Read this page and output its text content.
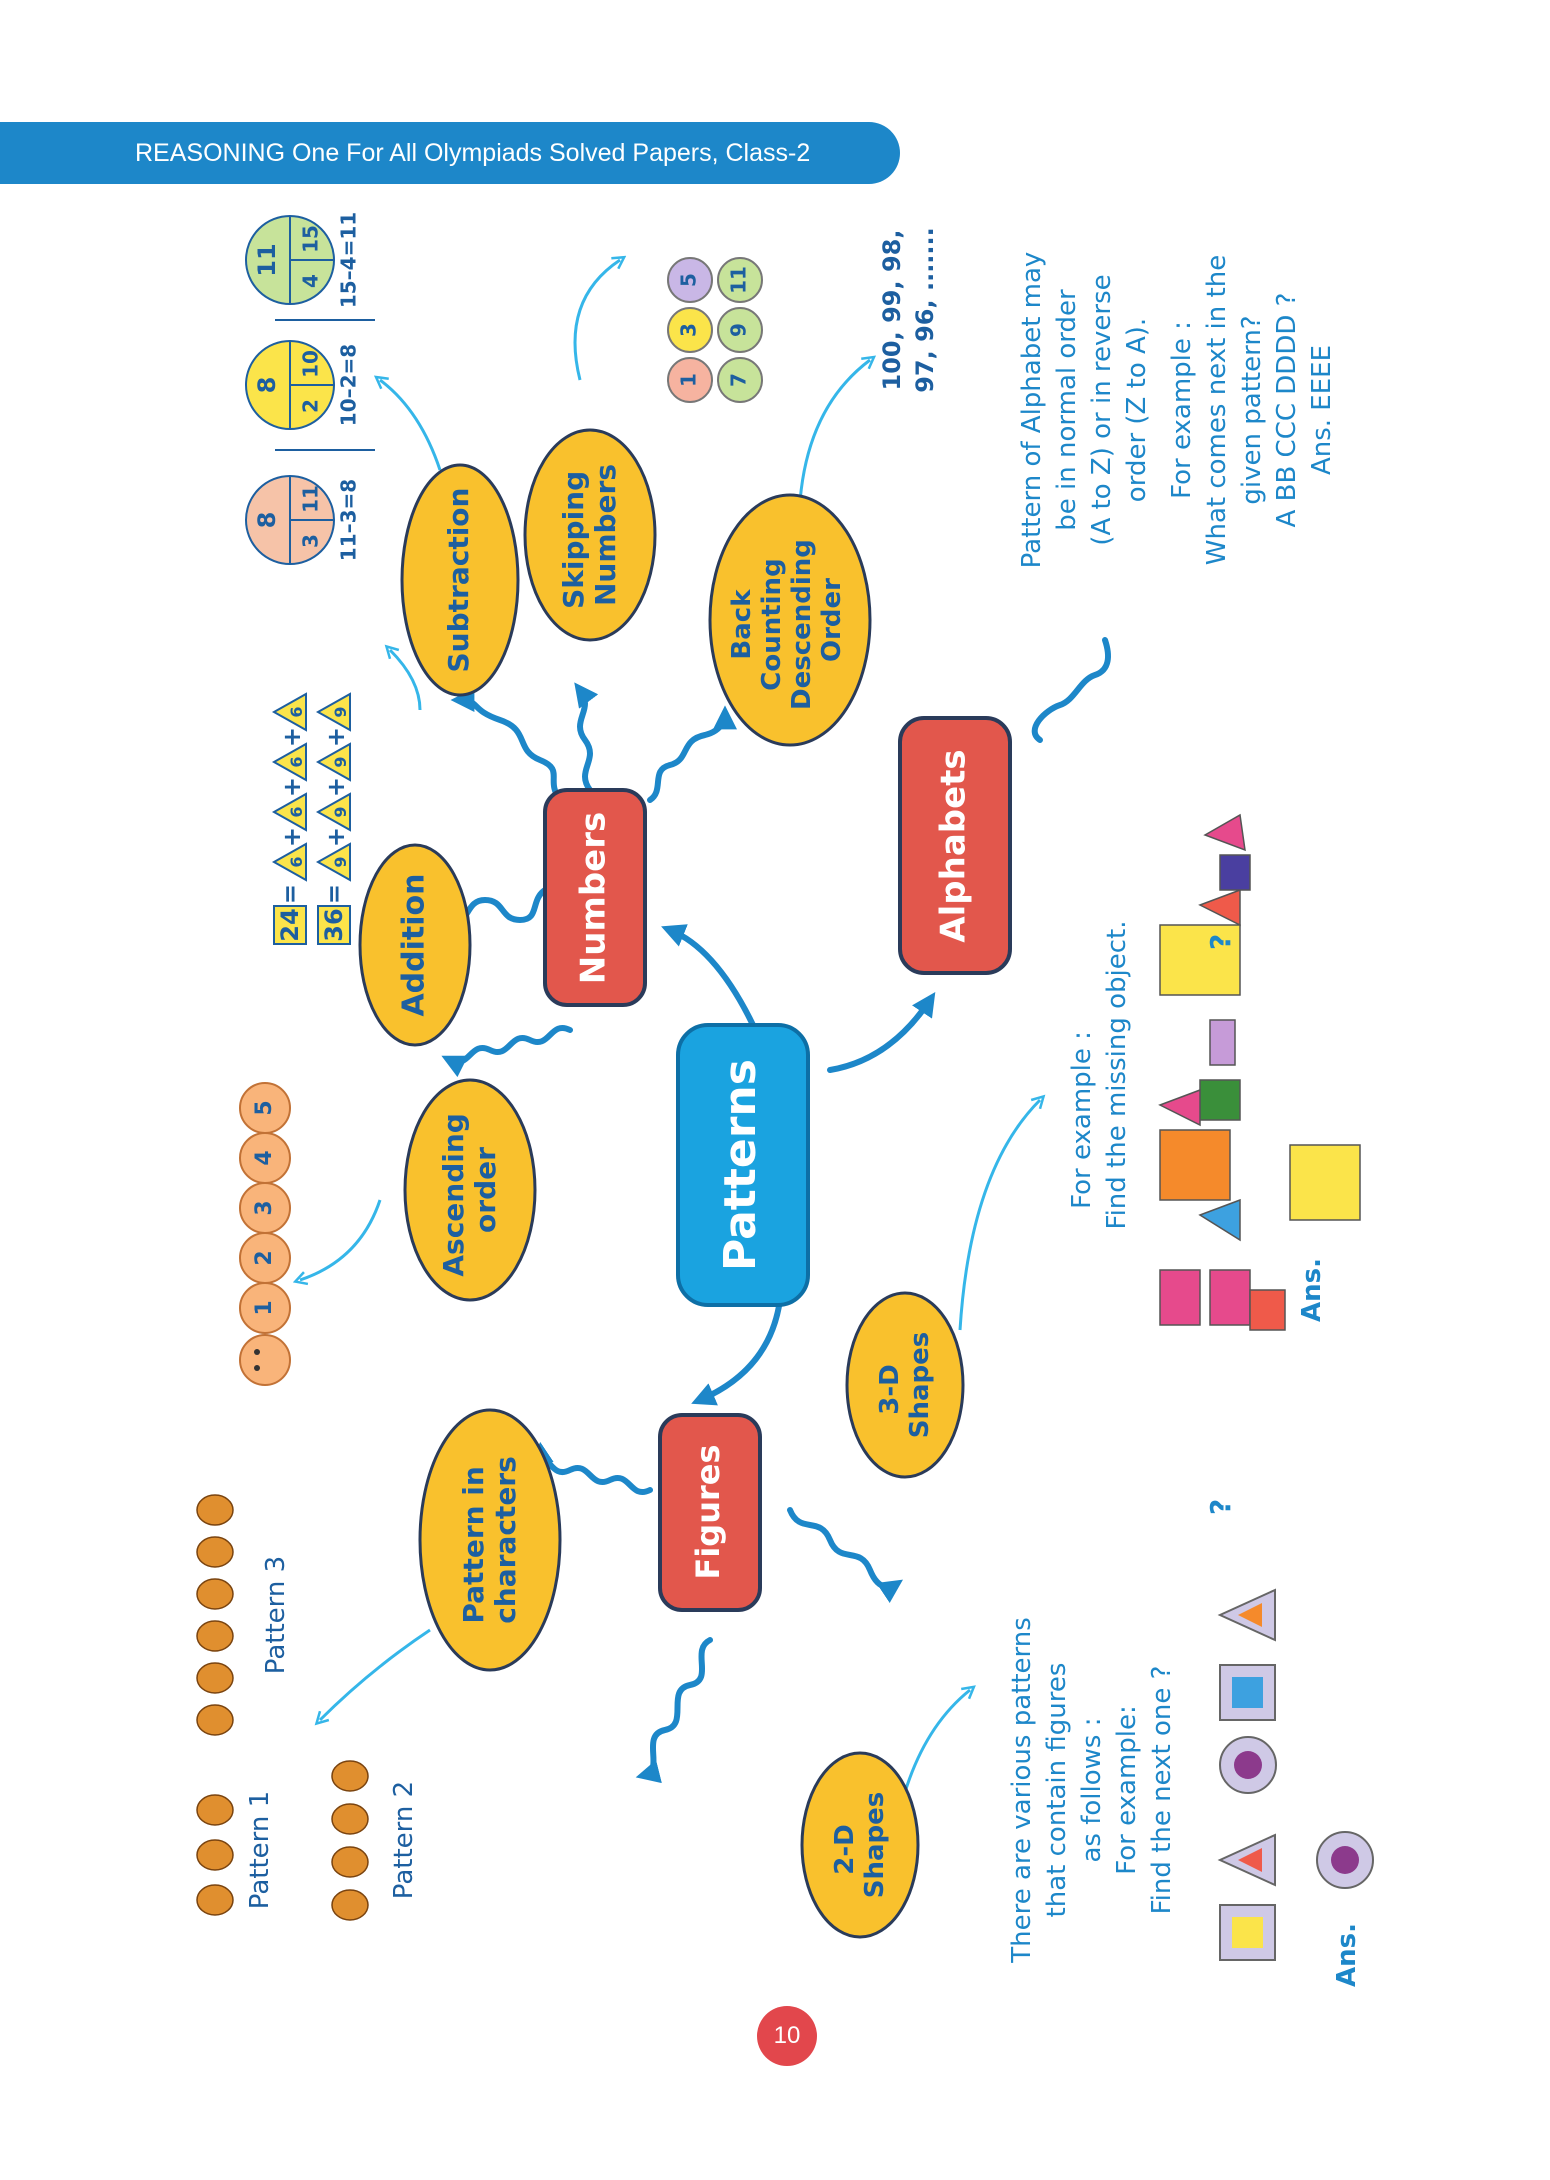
REASONING One For All Olympiads Solved Papers, Class-2
Patterns
Numbers	Alphabets
Figures
Addition
Subtraction	Skipping Numbers
Back Counting Descending Order
Ascending order
Pattern in characters
3-D Shapes
2-D Shapes
24
=
6
6
6
6
+
+
+
36
=
9
9
9
9
+
+
+
8
3
11 11–3=8
8
2
10 10–2=8
11
4
15 15–4=11
1
3
5
7
9
11	100, 99, 98, 97, 96, .......
1
2
3
4
5
Pattern 1	Pattern 2
Pattern 3
Pattern of Alphabet may be in normal order (A to Z) or in reverse order (Z to A). For example : What comes next in the given pattern? A BB CCC DDDD ? Ans. EEEE
For example : Find the missing object.	?
Ans.
There are various patterns that contain figures as follows : For example: Find the next one ?
?
Ans.
10
